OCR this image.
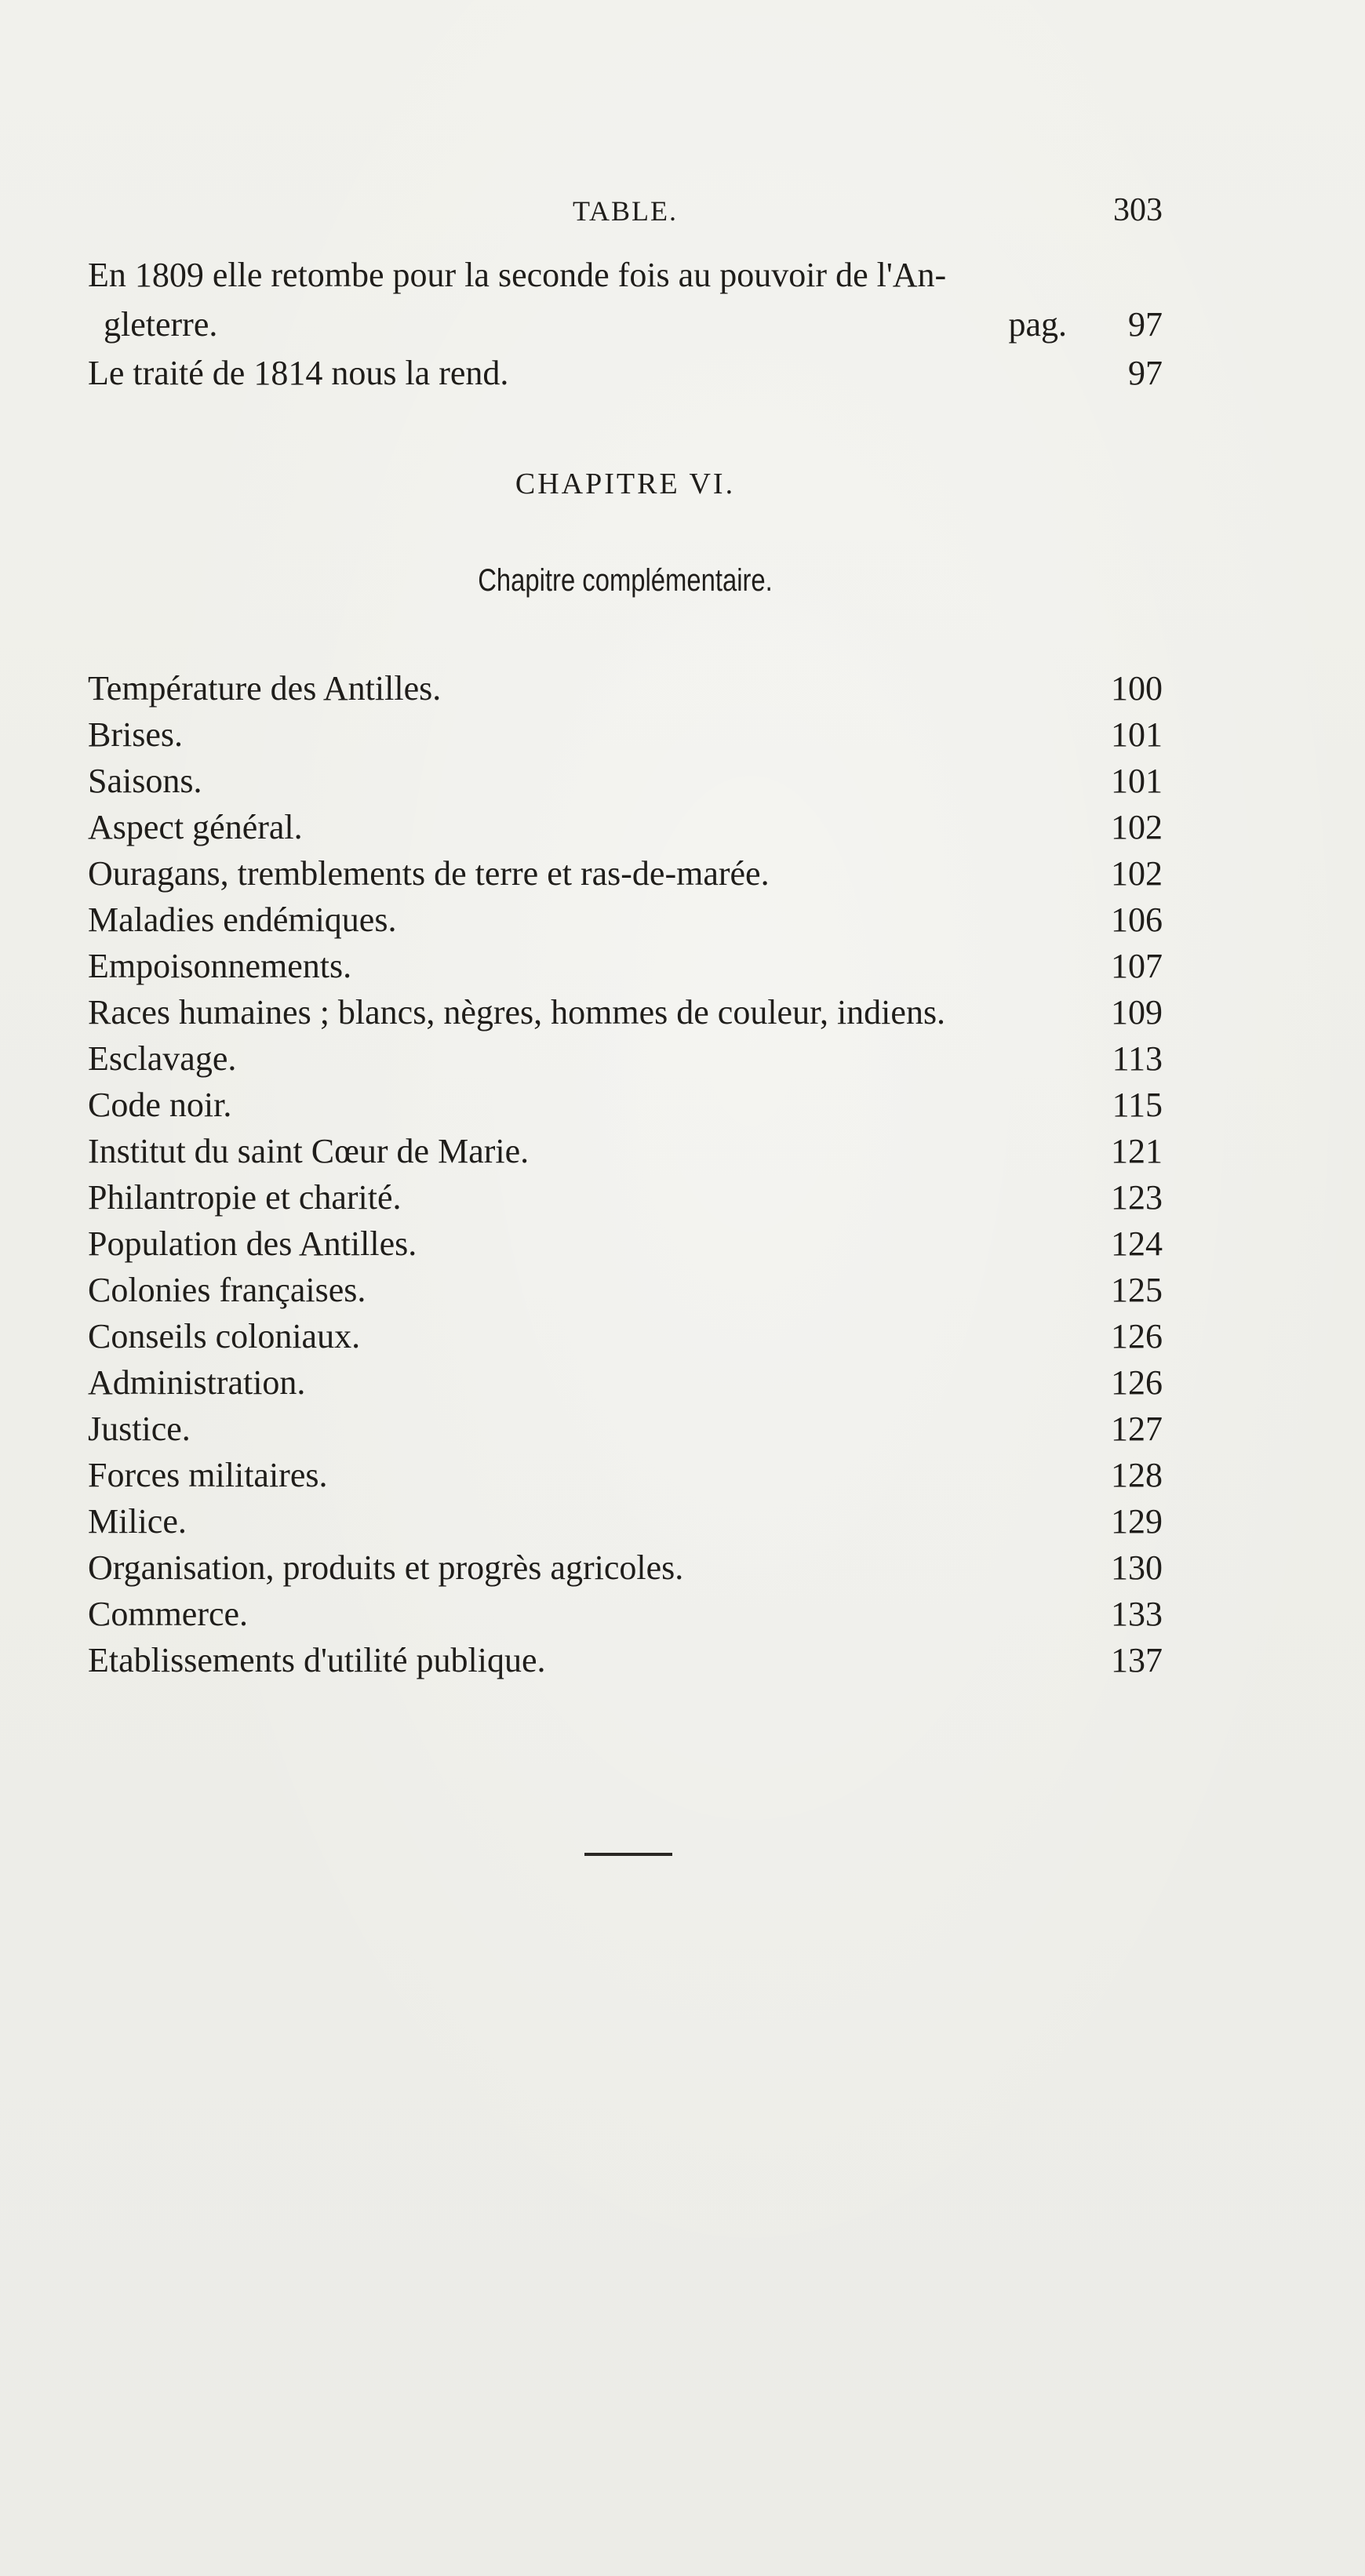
TABLE.	303
En 1809 elle retombe pour la seconde fois au pouvoir de l'An-
gleterre.	pag. 97
Le traité de 1814 nous la rend.	97
CHAPITRE VI.
Chapitre complémentaire.
Température des Antilles.	100
Brises.	101
Saisons.	101
Aspect général.	102
Ouragans, tremblements de terre et ras-de-marée.	102
Maladies endémiques.	106
Empoisonnements.	107
Races humaines ; blancs, nègres, hommes de couleur, indiens.	109
Esclavage.	113
Code noir.	115
Institut du saint Cœur de Marie.	121
Philantropie et charité.	123
Population des Antilles.	124
Colonies françaises.	125
Conseils coloniaux.	126
Administration.	126
Justice.	127
Forces militaires.	128
Milice.	129
Organisation, produits et progrès agricoles.	130
Commerce.	133
Etablissements d'utilité publique.	137
